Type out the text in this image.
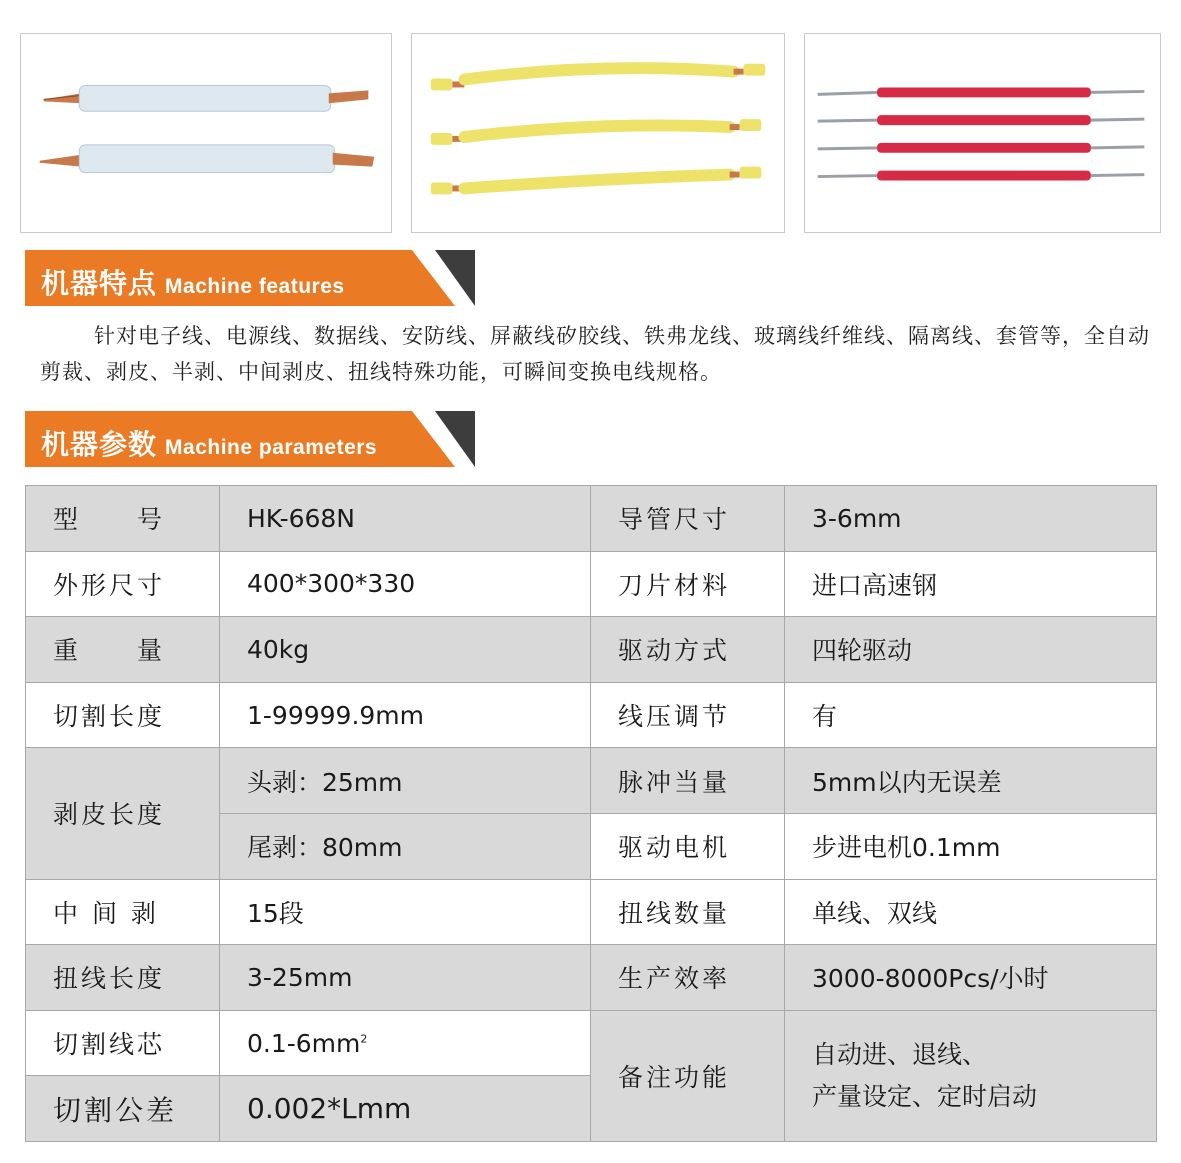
机器特点 Machine features
针对电子线、电源线、数据线、安防线、屏蔽线矽胶线、铁弗龙线、玻璃线纤维线、隔离线、套管等，全自动剪裁、剥皮、半剥、中间剥皮、扭线特殊功能，可瞬间变换电线规格。
机器参数 Machine parameters
型　　号	HK-668N	导管尺寸	3-6mm
外形尺寸	400*300*330	刀片材料	进口高速钢
重　　量	40kg	驱动方式	四轮驱动
切割长度	1-99999.9mm	线压调节	有
剥皮长度	头剥：25mm	脉冲当量	5mm以内无误差
	尾剥：80mm	驱动电机	步进电机0.1mm
中 间 剥	15段	扭线数量	单线、双线
扭线长度	3-25mm	生产效率	3000-8000Pcs/小时
切割线芯	$0.1-6mm^2$	备注功能	自动进、退线、
产量设定、定时启动

切割公差	0.002*Lmm		
